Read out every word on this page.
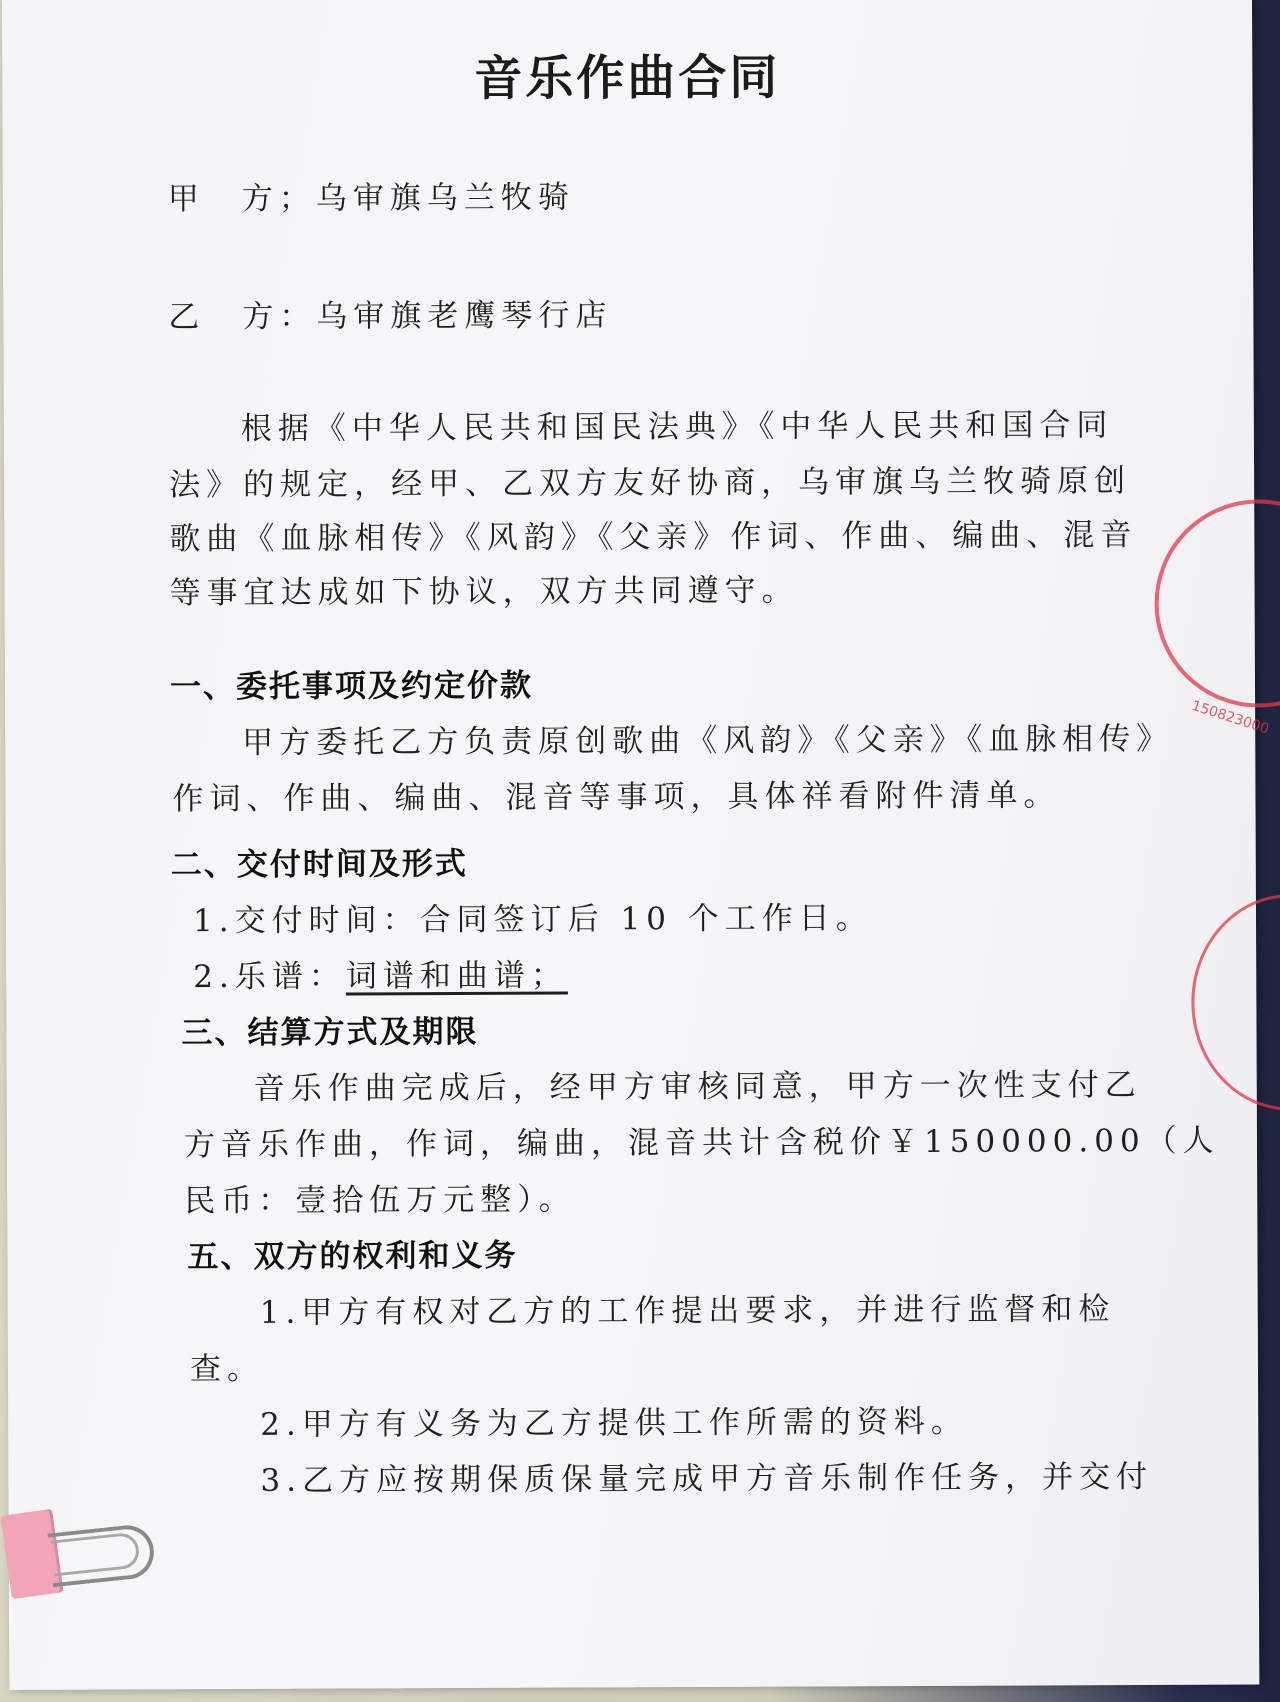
音乐作曲合同
甲　方；乌审旗乌兰牧骑
乙　方：乌审旗老鹰琴行店
根据《中华人民共和国民法典》《中华人民共和国合同
法》的规定，经甲、乙双方友好协商，乌审旗乌兰牧骑原创
歌曲《血脉相传》《风韵》《父亲》作词、作曲、编曲、混音
等事宜达成如下协议，双方共同遵守。
一、委托事项及约定价款
甲方委托乙方负责原创歌曲《风韵》《父亲》《血脉相传》
作词、作曲、编曲、混音等事项，具体祥看附件清单。
二、交付时间及形式
1.交付时间：合同签订后 10 个工作日。
2.乐谱：词谱和曲谱；
三、结算方式及期限
音乐作曲完成后，经甲方审核同意，甲方一次性支付乙
方音乐作曲，作词，编曲，混音共计含税价￥150000.00（人
民币：壹拾伍万元整）。
五、双方的权利和义务
1.甲方有权对乙方的工作提出要求，并进行监督和检
查。
2.甲方有义务为乙方提供工作所需的资料。
3.乙方应按期保质保量完成甲方音乐制作任务，并交付
150823000
